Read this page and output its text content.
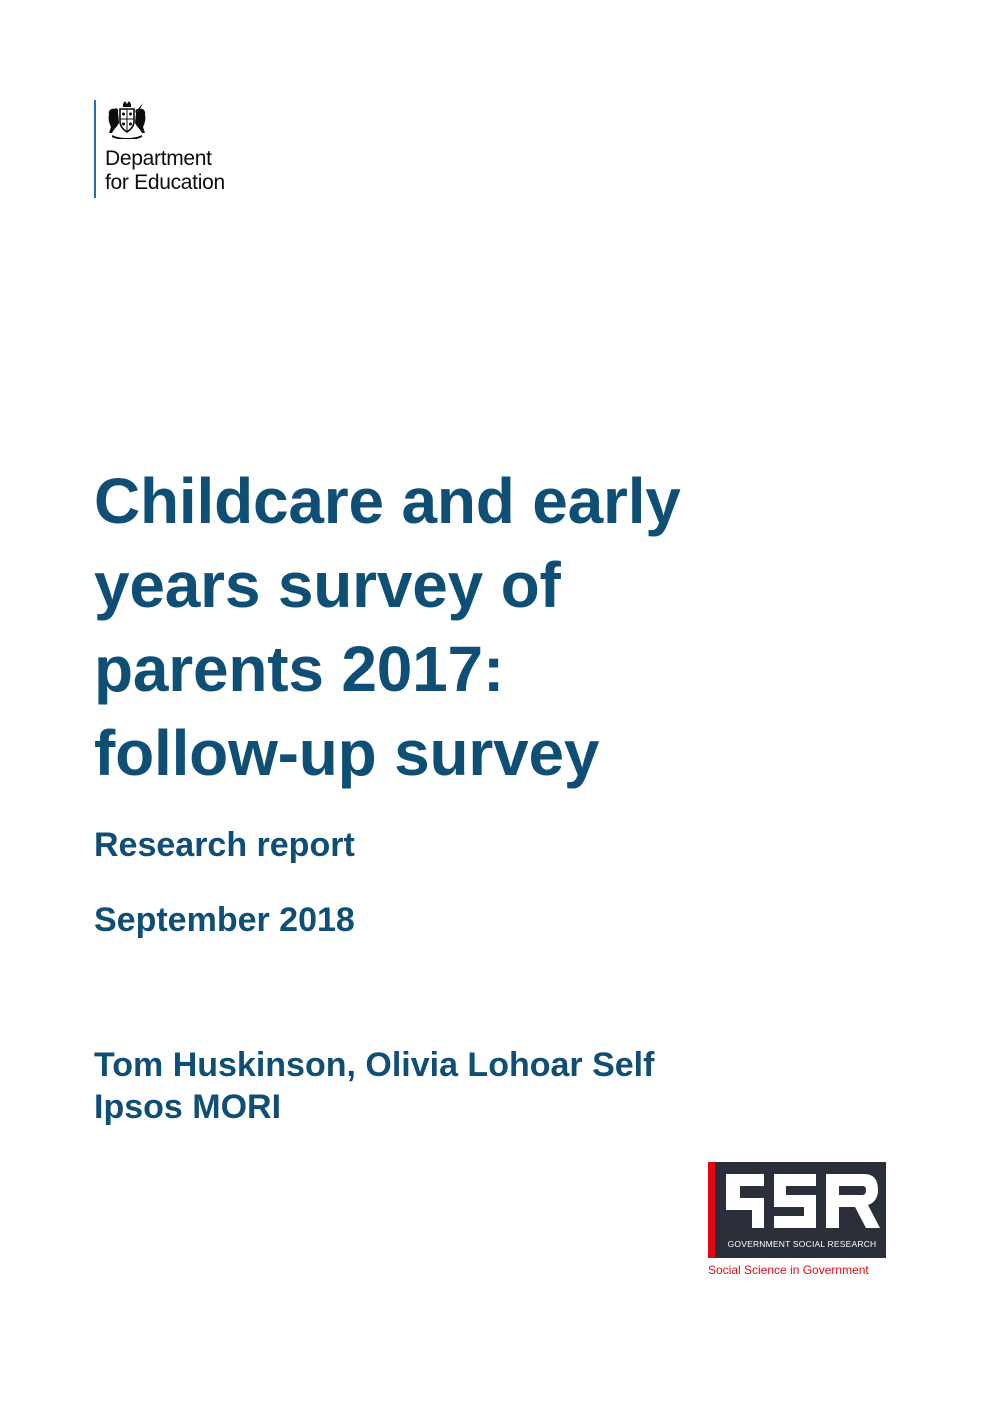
Department
for Education
Childcare and early
years survey of
parents 2017:
follow-up survey
Research report
September 2018
Tom Huskinson, Olivia Lohoar Self
Ipsos MORI
GOVERNMENT SOCIAL RESEARCH
Social Science in Government
